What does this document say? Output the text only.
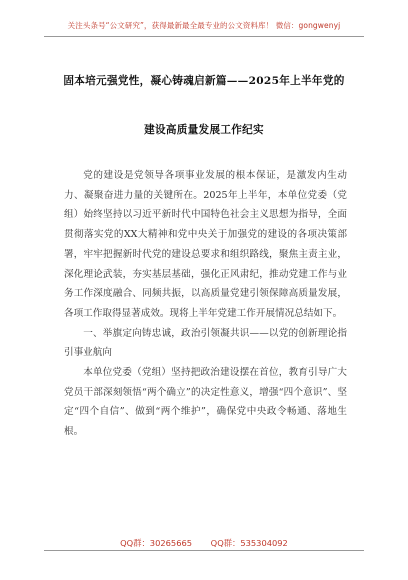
关注头条号“公文研究”，获得最新最全最专业的公文资料库！ 微信：gongwenyj
固本培元强党性，凝心铸魂启新篇——2025年上半年党的
建设高质量发展工作纪实

党的建设是党领导各项事业发展的根本保证，是激发内生动力、凝聚奋进力量的关键所在。2025年上半年，本单位党委（党组）始终坚持以习近平新时代中国特色社会主义思想为指导，全面贯彻落实党的XX大精神和党中央关于加强党的建设的各项决策部署，牢牢把握新时代党的建设总要求和组织路线，聚焦主责主业，深化理论武装，夯实基层基础，强化正风肃纪，推动党建工作与业务工作深度融合、同频共振，以高质量党建引领保障高质量发展，各项工作取得显著成效。现将上半年党建工作开展情况总结如下。

一、举旗定向铸忠诚，政治引领凝共识——以党的创新理论指引事业航向

本单位党委（党组）坚持把政治建设摆在首位，教育引导广大党员干部深刻领悟“两个确立”的决定性意义，增强“四个意识”、坚定“四个自信”、做到“两个维护”，确保党中央政令畅通、落地生根。

QQ群：30265665 QQ群：535304092
